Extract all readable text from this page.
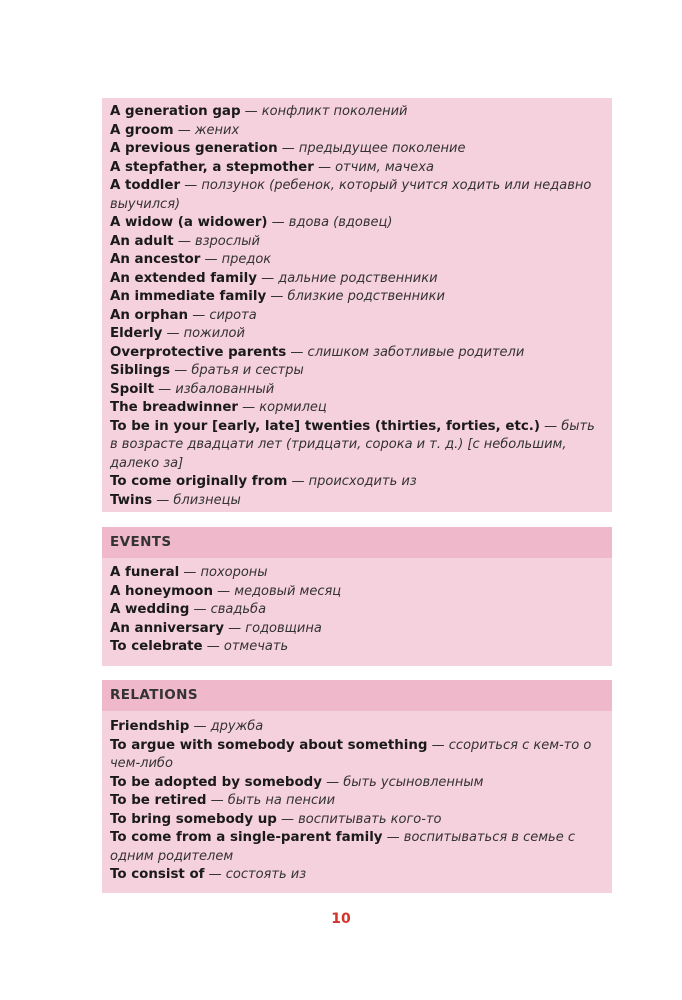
A generation gap — конфликт поколений
A groom — жених
A previous generation — предыдущее поколение
A stepfather, a stepmother — отчим, мачеха
A toddler — ползунок (ребенок, который учится ходить или недавно выучился)
A widow (a widower) — вдова (вдовец)
An adult — взрослый
An ancestor — предок
An extended family — дальние родственники
An immediate family — близкие родственники
An orphan — сирота
Elderly — пожилой
Overprotective parents — слишком заботливые родители
Siblings — братья и сестры
Spoilt — избалованный
The breadwinner — кормилец
To be in your [early, late] twenties (thirties, forties, etc.) — быть в возрасте двадцати лет (тридцати, сорока и т. д.) [с небольшим, далеко за]
To come originally from — происходить из
Twins — близнецы
EVENTS
A funeral — похороны
A honeymoon — медовый месяц
A wedding — свадьба
An anniversary — годовщина
To celebrate — отмечать
RELATIONS
Friendship — дружба
To argue with somebody about something — ссориться с кем-то о чем-либо
To be adopted by somebody — быть усыновленным
To be retired — быть на пенсии
To bring somebody up — воспитывать кого-то
To come from a single-parent family — воспитываться в семье с одним родителем
To consist of — состоять из
10
